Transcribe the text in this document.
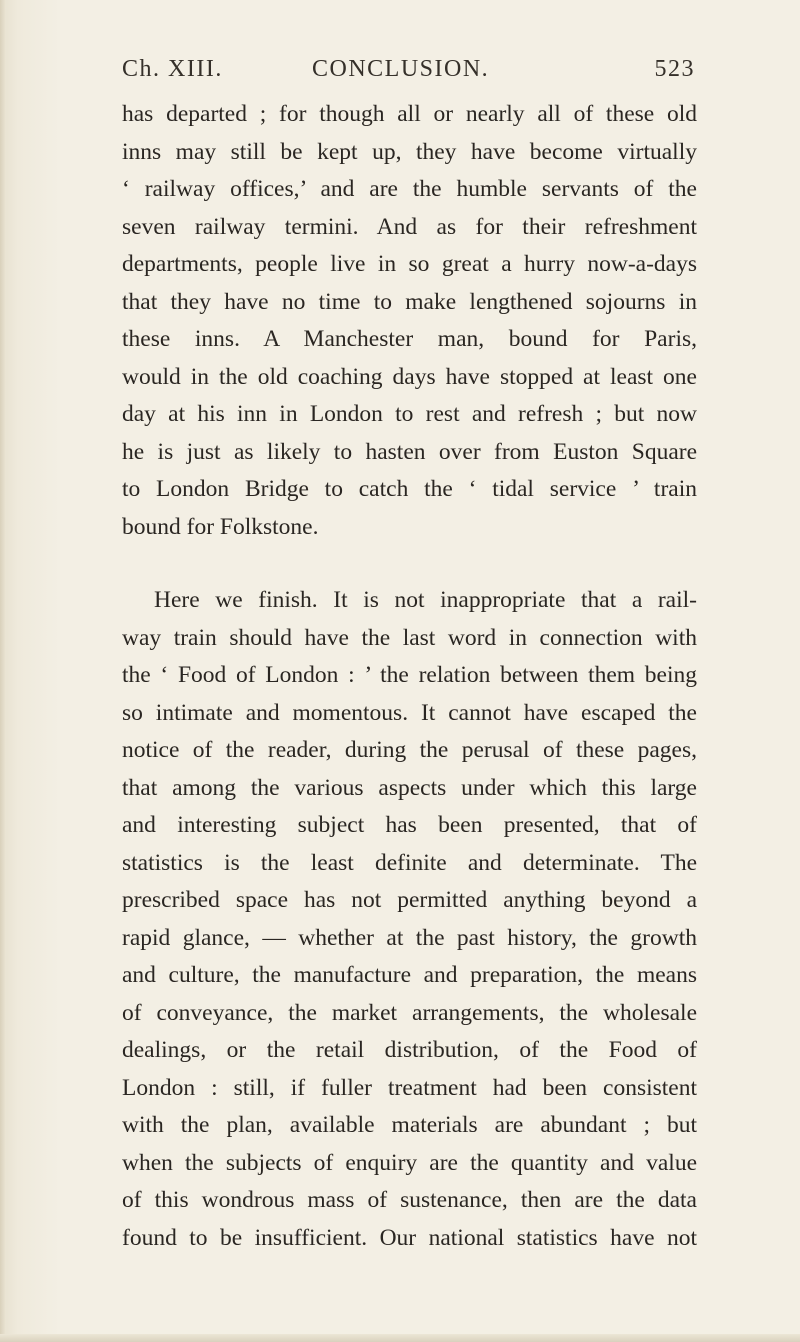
Ch. XIII.	CONCLUSION.	523
has departed ; for though all or nearly all of these old
inns may still be kept up, they have become virtually
‘ railway offices,’ and are the humble servants of the
seven railway termini. And as for their refreshment
departments, people live in so great a hurry now-a-days
that they have no time to make lengthened sojourns in
these inns. A Manchester man, bound for Paris,
would in the old coaching days have stopped at least one
day at his inn in London to rest and refresh ; but now
he is just as likely to hasten over from Euston Square
to London Bridge to catch the ‘ tidal service ’ train
bound for Folkstone.
Here we finish. It is not inappropriate that a rail-
way train should have the last word in connection with
the ‘ Food of London : ’ the relation between them being
so intimate and momentous. It cannot have escaped the
notice of the reader, during the perusal of these pages,
that among the various aspects under which this large
and interesting subject has been presented, that of
statistics is the least definite and determinate. The
prescribed space has not permitted anything beyond a
rapid glance, — whether at the past history, the growth
and culture, the manufacture and preparation, the means
of conveyance, the market arrangements, the wholesale
dealings, or the retail distribution, of the Food of
London : still, if fuller treatment had been consistent
with the plan, available materials are abundant ; but
when the subjects of enquiry are the quantity and value
of this wondrous mass of sustenance, then are the data
found to be insufficient. Our national statistics have not
